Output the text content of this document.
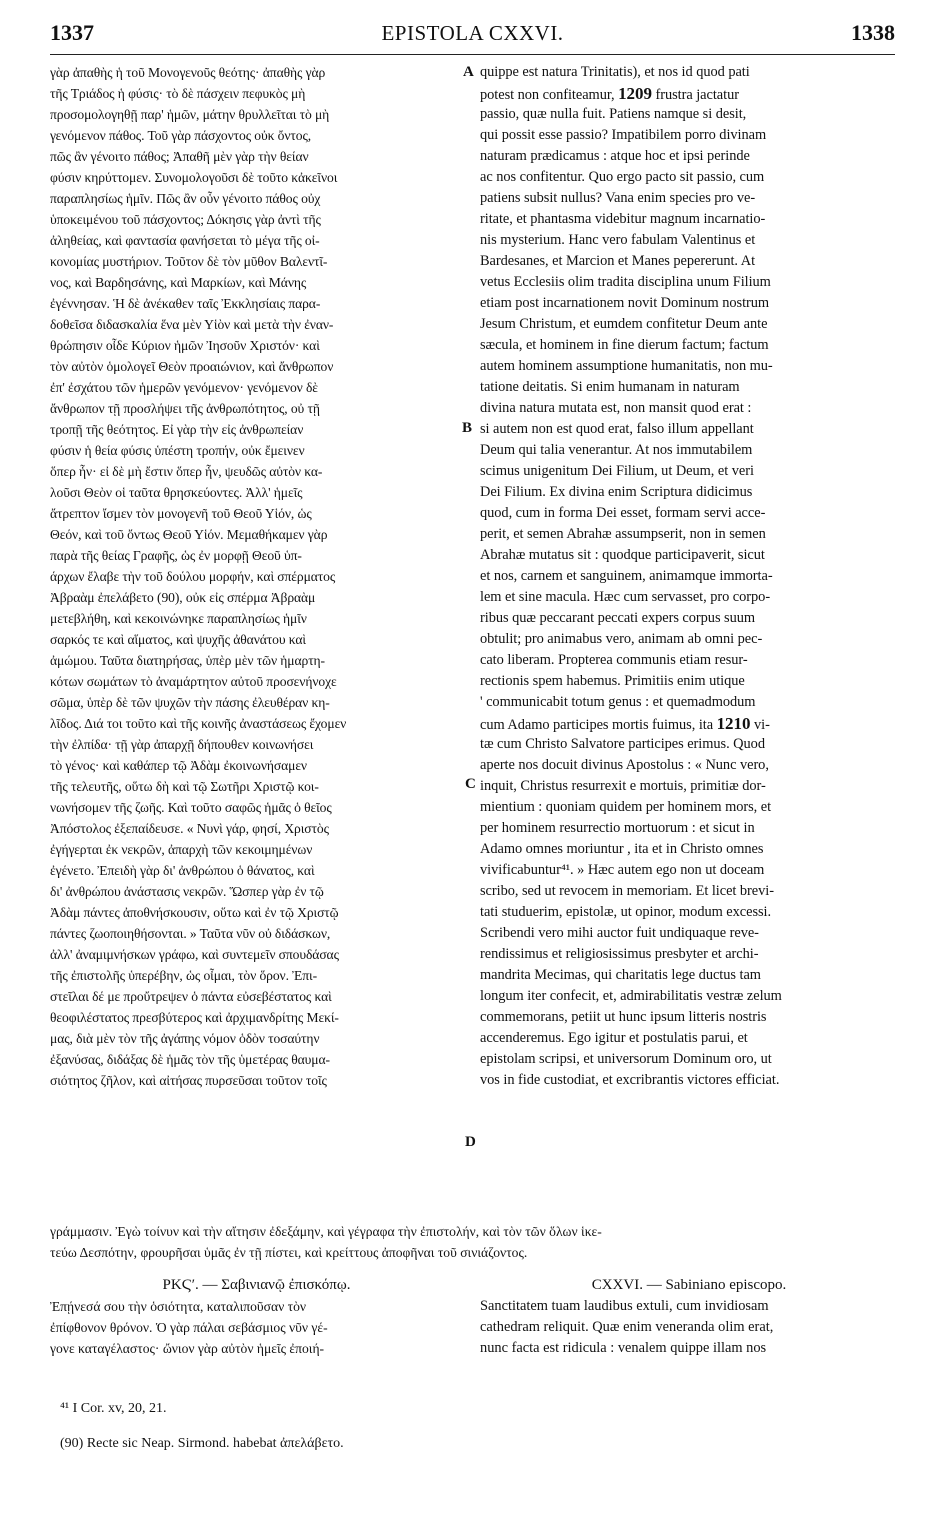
1337	EPISTOLA CXXVI.	1338

γὰρ ἀπαθὴς ἡ τοῦ Μονογενοῦς θεότης· ἀπαθὴς γὰρ

τῆς Τριάδος ἡ φύσις· τὸ δὲ πάσχειν πεφυκὸς μὴ

προσομολογηθῇ παρ' ἡμῶν, μάτην θρυλλεῖται τὸ μὴ

γενόμενον πάθος. Τοῦ γὰρ πάσχοντος οὐκ ὄντος,

πῶς ἂν γένοιτο πάθος; Ἀπαθῆ μὲν γὰρ τὴν θείαν

φύσιν κηρύττομεν. Συνομολογοῦσι δὲ τοῦτο κἀκεῖνοι

παραπλησίως ἡμῖν. Πῶς ἂν οὖν γένοιτο πάθος οὐχ

ὑποκειμένου τοῦ πάσχοντος; Δόκησις γὰρ ἀντὶ τῆς

ἀληθείας, καὶ φαντασία φανήσεται τὸ μέγα τῆς οἰ-

κονομίας μυστήριον. Τοῦτον δὲ τὸν μῦθον Βαλεντῖ-

νος, καὶ Βαρδησάνης, καὶ Μαρκίων, καὶ Μάνης

ἐγέννησαν. Ἡ δὲ ἀνέκαθεν ταῖς Ἐκκλησίαις παρα-

δοθεῖσα διδασκαλία ἕνα μὲν Υἱὸν καὶ μετὰ τὴν ἐναν-

θρώπησιν οἶδε Κύριον ἡμῶν Ἰησοῦν Χριστόν· καὶ

τὸν αὐτὸν ὁμολογεῖ Θεὸν προαιώνιον, καὶ ἄνθρωπον

ἐπ' ἐσχάτου τῶν ἡμερῶν γενόμενον· γενόμενον δὲ

ἄνθρωπον τῇ προσλήψει τῆς ἀνθρωπότητος, οὐ τῇ

τροπῇ τῆς θεότητος. Εἰ γὰρ τὴν εἰς ἀνθρωπείαν

φύσιν ἡ θεία φύσις ὑπέστη τροπήν, οὐκ ἔμεινεν

ὅπερ ἦν· εἰ δὲ μὴ ἔστιν ὅπερ ἦν, ψευδῶς αὐτὸν κα-

λοῦσι Θεὸν οἱ ταῦτα θρησκεύοντες. Ἀλλ' ἡμεῖς

ἄτρεπτον ἴσμεν τὸν μονογενῆ τοῦ Θεοῦ Υἱόν, ὡς

Θεόν, καὶ τοῦ ὄντως Θεοῦ Υἱόν. Μεμαθήκαμεν γὰρ

παρὰ τῆς θείας Γραφῆς, ὡς ἐν μορφῇ Θεοῦ ὑπ-

άρχων ἔλαβε τὴν τοῦ δούλου μορφήν, καὶ σπέρματος

Ἀβραὰμ ἐπελάβετο (90), οὐκ εἰς σπέρμα Ἀβραὰμ

μετεβλήθη, καὶ κεκοινώνηκε παραπλησίως ἡμῖν

σαρκός τε καὶ αἵματος, καὶ ψυχῆς ἀθανάτου καὶ

ἀμώμου. Ταῦτα διατηρήσας, ὑπὲρ μὲν τῶν ἡμαρτη-

κότων σωμάτων τὸ ἀναμάρτητον αὐτοῦ προσενήνοχε

σῶμα, ὑπὲρ δὲ τῶν ψυχῶν τὴν πάσης ἐλευθέραν κη-

λῖδος. Διά τοι τοῦτο καὶ τῆς κοινῆς ἀναστάσεως ἔχομεν

τὴν ἐλπίδα· τῇ γὰρ ἀπαρχῇ δήπουθεν κοινωνήσει

τὸ γένος· καὶ καθάπερ τῷ Ἀδὰμ ἐκοινωνήσαμεν

τῆς τελευτῆς, οὕτω δὴ καὶ τῷ Σωτῆρι Χριστῷ κοι-

νωνήσομεν τῆς ζωῆς. Καὶ τοῦτο σαφῶς ἡμᾶς ὁ θεῖος

Ἀπόστολος ἐξεπαίδευσε. « Νυνὶ γάρ, φησί, Χριστὸς

ἐγήγερται ἐκ νεκρῶν, ἀπαρχὴ τῶν κεκοιμημένων

ἐγένετο. Ἐπειδὴ γὰρ δι' ἀνθρώπου ὁ θάνατος, καὶ

δι' ἀνθρώπου ἀνάστασις νεκρῶν. Ὥσπερ γὰρ ἐν τῷ

Ἀδὰμ πάντες ἀποθνήσκουσιν, οὕτω καὶ ἐν τῷ Χριστῷ

πάντες ζωοποιηθήσονται. » Ταῦτα νῦν οὐ διδάσκων,

ἀλλ' ἀναμιμνήσκων γράφω, καὶ συντεμεῖν σπουδάσας

τῆς ἐπιστολῆς ὑπερέβην, ὡς οἶμαι, τὸν ὅρον. Ἐπι-

στεῖλαι δέ με προὔτρεψεν ὁ πάντα εὐσεβέστατος καὶ

θεοφιλέστατος πρεσβύτερος καὶ ἀρχιμανδρίτης Μεκί-

μας, διὰ μὲν τὸν τῆς ἀγάπης νόμον ὁδὸν τοσαύτην

ἐξανύσας, διδάξας δὲ ἡμᾶς τὸν τῆς ὑμετέρας θαυμα-

σιότητος ζῆλον, καὶ αἰτήσας πυρσεῦσαι τοῦτον τοῖς

quippe est natura Trinitatis), et nos id quod pati

potest non confiteamur, 1209 frustra jactatur

passio, quæ nulla fuit. Patiens namque si desit,

qui possit esse passio? Impatibilem porro divinam

naturam prædicamus : atque hoc et ipsi perinde

ac nos confitentur. Quo ergo pacto sit passio, cum

patiens subsit nullus? Vana enim species pro ve-

ritate, et phantasma videbitur magnum incarnatio-

nis mysterium. Hanc vero fabulam Valentinus et

Bardesanes, et Marcion et Manes pepererunt. At

vetus Ecclesiis olim tradita disciplina unum Filium

etiam post incarnationem novit Dominum nostrum

Jesum Christum, et eumdem confitetur Deum ante

sæcula, et hominem in fine dierum factum; factum

autem hominem assumptione humanitatis, non mu-

tatione deitatis. Si enim humanam in naturam

divina natura mutata est, non mansit quod erat :

si autem non est quod erat, falso illum appellant

Deum qui talia venerantur. At nos immutabilem

scimus unigenitum Dei Filium, ut Deum, et veri

Dei Filium. Ex divina enim Scriptura didicimus

quod, cum in forma Dei esset, formam servi acce-

perit, et semen Abrahæ assumpserit, non in semen

Abrahæ mutatus sit : quodque participaverit, sicut

et nos, carnem et sanguinem, animamque immorta-

lem et sine macula. Hæc cum servasset, pro corpo-

ribus quæ peccarant peccati expers corpus suum

obtulit; pro animabus vero, animam ab omni pec-

cato liberam. Propterea communis etiam resur-

rectionis spem habemus. Primitiis enim utique

' communicabit totum genus : et quemadmodum

cum Adamo participes mortis fuimus, ita 1210 vi-

tæ cum Christo Salvatore participes erimus. Quod

aperte nos docuit divinus Apostolus : « Nunc vero,

inquit, Christus resurrexit e mortuis, primitiæ dor-

mientium : quoniam quidem per hominem mors, et

per hominem resurrectio mortuorum : et sicut in

Adamo omnes moriuntur , ita et in Christo omnes

vivificabuntur⁴¹. » Hæc autem ego non ut doceam

scribo, sed ut revocem in memoriam. Et licet brevi-

tati studuerim, epistolæ, ut opinor, modum excessi.

Scribendi vero mihi auctor fuit undiquaque reve-

rendissimus et religiosissimus presbyter et archi-

mandrita Mecimas, qui charitatis lege ductus tam

longum iter confecit, et, admirabilitatis vestræ zelum

commemorans, petiit ut hunc ipsum litteris nostris

accenderemus. Ego igitur et postulatis parui, et

epistolam scripsi, et universorum Dominum oro, ut

vos in fide custodiat, et excribrantis victores efficiat.

A
B
C
D

γράμμασιν. Ἐγὼ τοίνυν καὶ τὴν αἴτησιν ἐδεξάμην, καὶ γέγραφα τὴν ἐπιστολήν, καὶ τὸν τῶν ὅλων ἱκε-

τεύω Δεσπότην, φρουρῆσαι ὑμᾶς ἐν τῇ πίστει, καὶ κρείττους ἀποφῆναι τοῦ σινιάζοντος.

ΡΚϚʹ. — Σαβινιανῷ ἐπισκόπῳ.

Ἐπῄνεσά σου τὴν ὁσιότητα, καταλιποῦσαν τὸν

ἐπίφθονον θρόνον. Ὁ γὰρ πάλαι σεβάσμιος νῦν γέ-

γονε καταγέλαστος· ὤνιον γὰρ αὐτὸν ἡμεῖς ἐποιή-

CXXVI. — Sabiniano episcopo.

Sanctitatem tuam laudibus extuli, cum invidiosam

cathedram reliquit. Quæ enim veneranda olim erat,

nunc facta est ridicula : venalem quippe illam nos

⁴¹ I Cor. xv, 20, 21.
(90) Recte sic Neap. Sirmond. habebat ἀπελάβετο.
